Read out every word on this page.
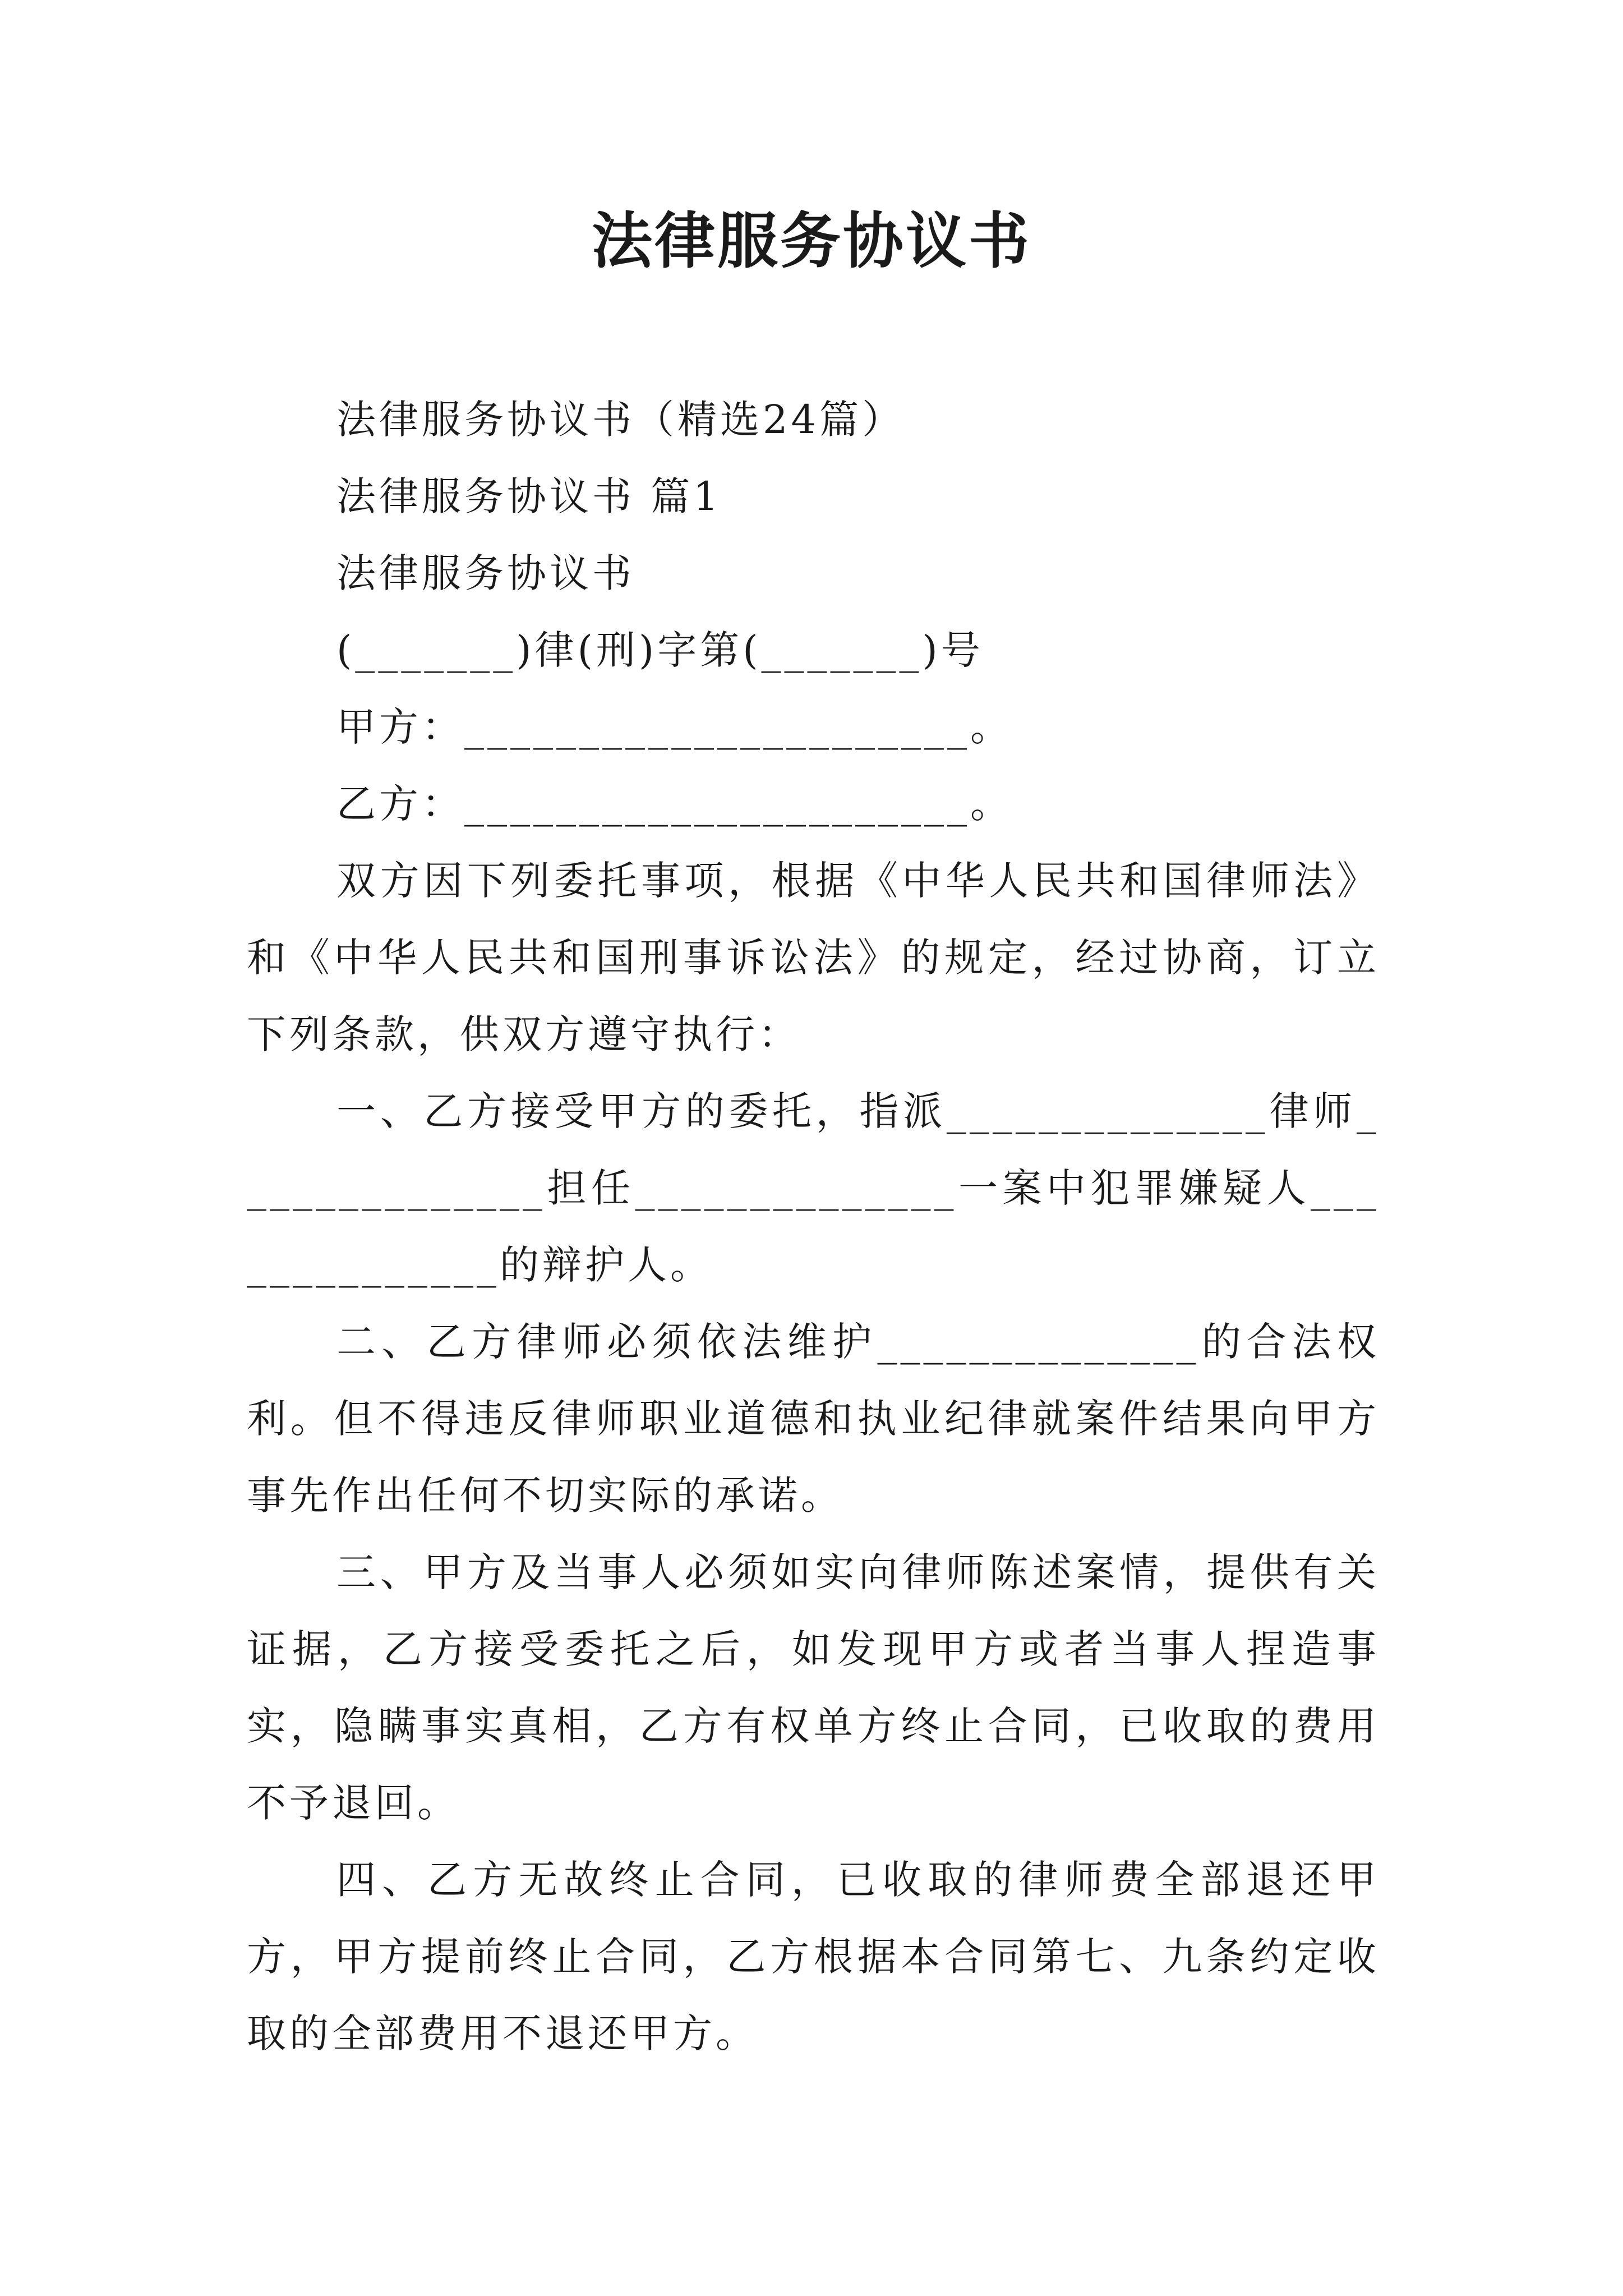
法律服务协议书

法律服务协议书（精选24篇）

法律服务协议书 篇1

法律服务协议书

(_______)律(刑)字第(_______)号

甲方：______________________。

乙方：______________________。

双方因下列委托事项，根据《中华人民共和国律师法》和《中华人民共和国刑事诉讼法》的规定，经过协商，订立下列条款，供双方遵守执行：

一、乙方接受甲方的委托，指派______________律师______________担任______________一案中犯罪嫌疑人______________的辩护人。

二、乙方律师必须依法维护______________的合法权利。但不得违反律师职业道德和执业纪律就案件结果向甲方事先作出任何不切实际的承诺。

三、甲方及当事人必须如实向律师陈述案情，提供有关证据，乙方接受委托之后，如发现甲方或者当事人捏造事实，隐瞒事实真相，乙方有权单方终止合同，已收取的费用不予退回。

四、乙方无故终止合同，已收取的律师费全部退还甲方，甲方提前终止合同，乙方根据本合同第七、九条约定收取的全部费用不退还甲方。
